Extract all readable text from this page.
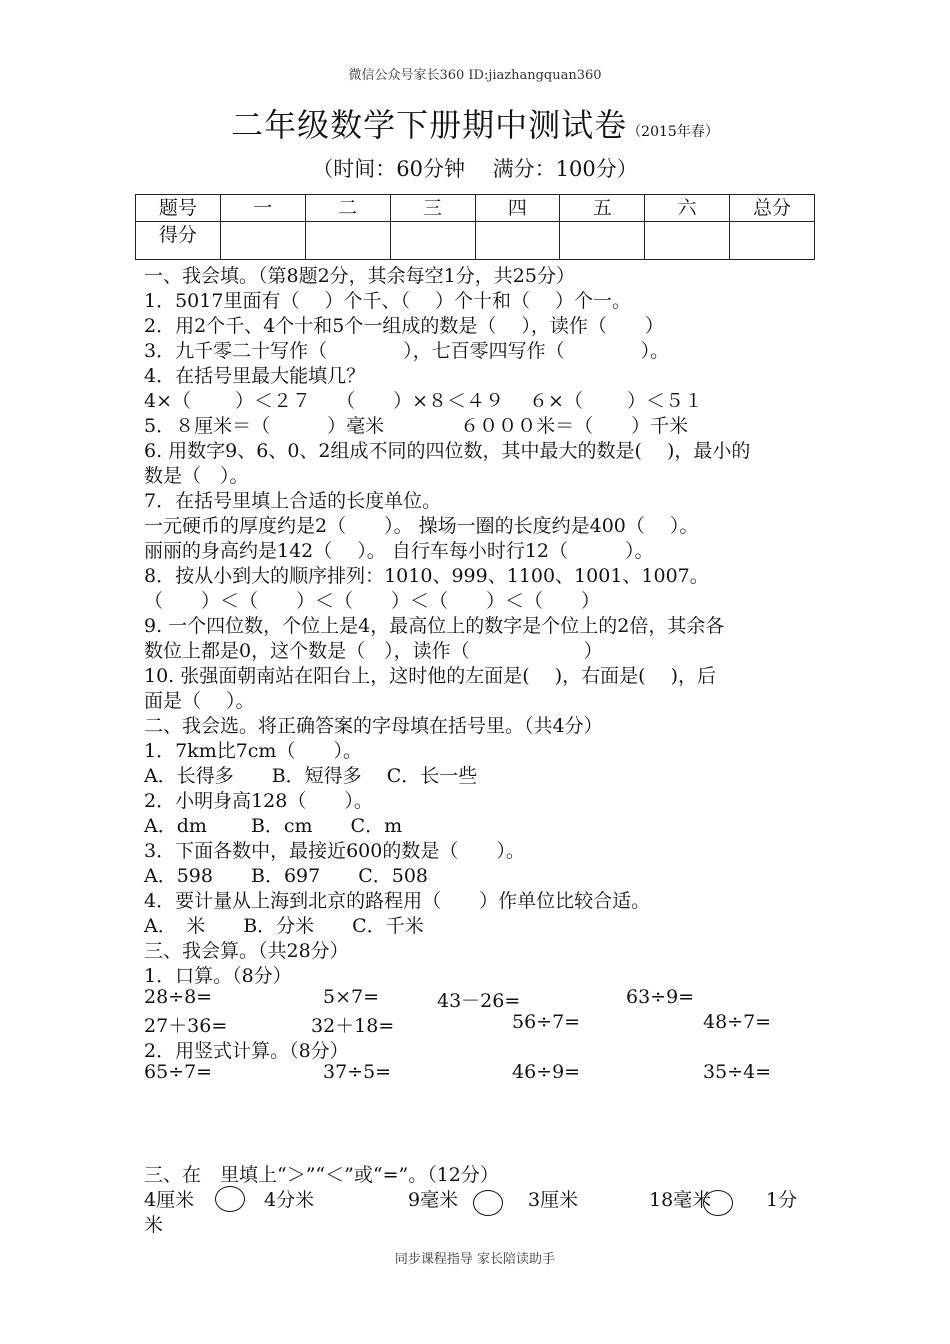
微信公众号家长360 ID:jiazhangquan360
二年级数学下册期中测试卷（2015年春）
（时间：60分钟　 满分：100分）
题号	一	二	三	四	五	六	总分
得分							
一、我会填。（第8题2分，其余每空1分，共25分）
1．5017里面有（　 ）个千、（　 ）个十和（　 ）个一。
2．用2个千、4个十和5个一组成的数是（　 ），读作（　　）
3．九千零二十写作（　　　　），七百零四写作（　　　　）。
4．在括号里最大能填几？
4×（　　 ）＜２７　 （　　）×８＜４９　 ６×（　　 ）＜５１
5．８厘米＝（　　　）毫米　　　　６０００米＝（　　）千米
6. 用数字9、6、0、2组成不同的四位数，其中最大的数是(　 )，最小的
数是（　）。
7．在括号里填上合适的长度单位。
一元硬币的厚度约是2（　　）。 操场一圈的长度约是400（　 ）。
丽丽的身高约是142（　 ）。 自行车每小时行12（　　　）。
8．按从小到大的顺序排列：1010、999、1100、1001、1007。
（　　）＜（　　）＜（　　）＜（　　）＜（　　）
9. 一个四位数，个位上是4，最高位上的数字是个位上的2倍，其余各
数位上都是0，这个数是（　），读作（　　　　　　）
10. 张强面朝南站在阳台上，这时他的左面是(　 )，右面是(　 )，后
面是（　 ）。
二、我会选。将正确答案的字母填在括号里。（共4分）
1．7km比7cm（　　）。
A．长得多　　B．短得多　 C．长一些
2．小明身高128（　　）。
A．dm　　 B．cm　　C．m
3．下面各数中，最接近600的数是（　　）。
A．598　　B．697　　C．508
4．要计量从上海到北京的路程用（　　）作单位比较合适。
A．　米　　B．分米　　C．千米
三、我会算。（共28分）
1．口算。（8分）
28÷8=	5×7=	43－26=	63÷9=
27＋36=	32＋18=	56÷7=	48÷7=
2．用竖式计算。（8分）
65÷7=	37÷5=	46÷9=	35÷4=
三、在　里填上“＞”“＜”或“=”。（12分）
4厘米	4分米	9毫米	3厘米	18毫米	1分
米
同步课程指导 家长陪读助手
